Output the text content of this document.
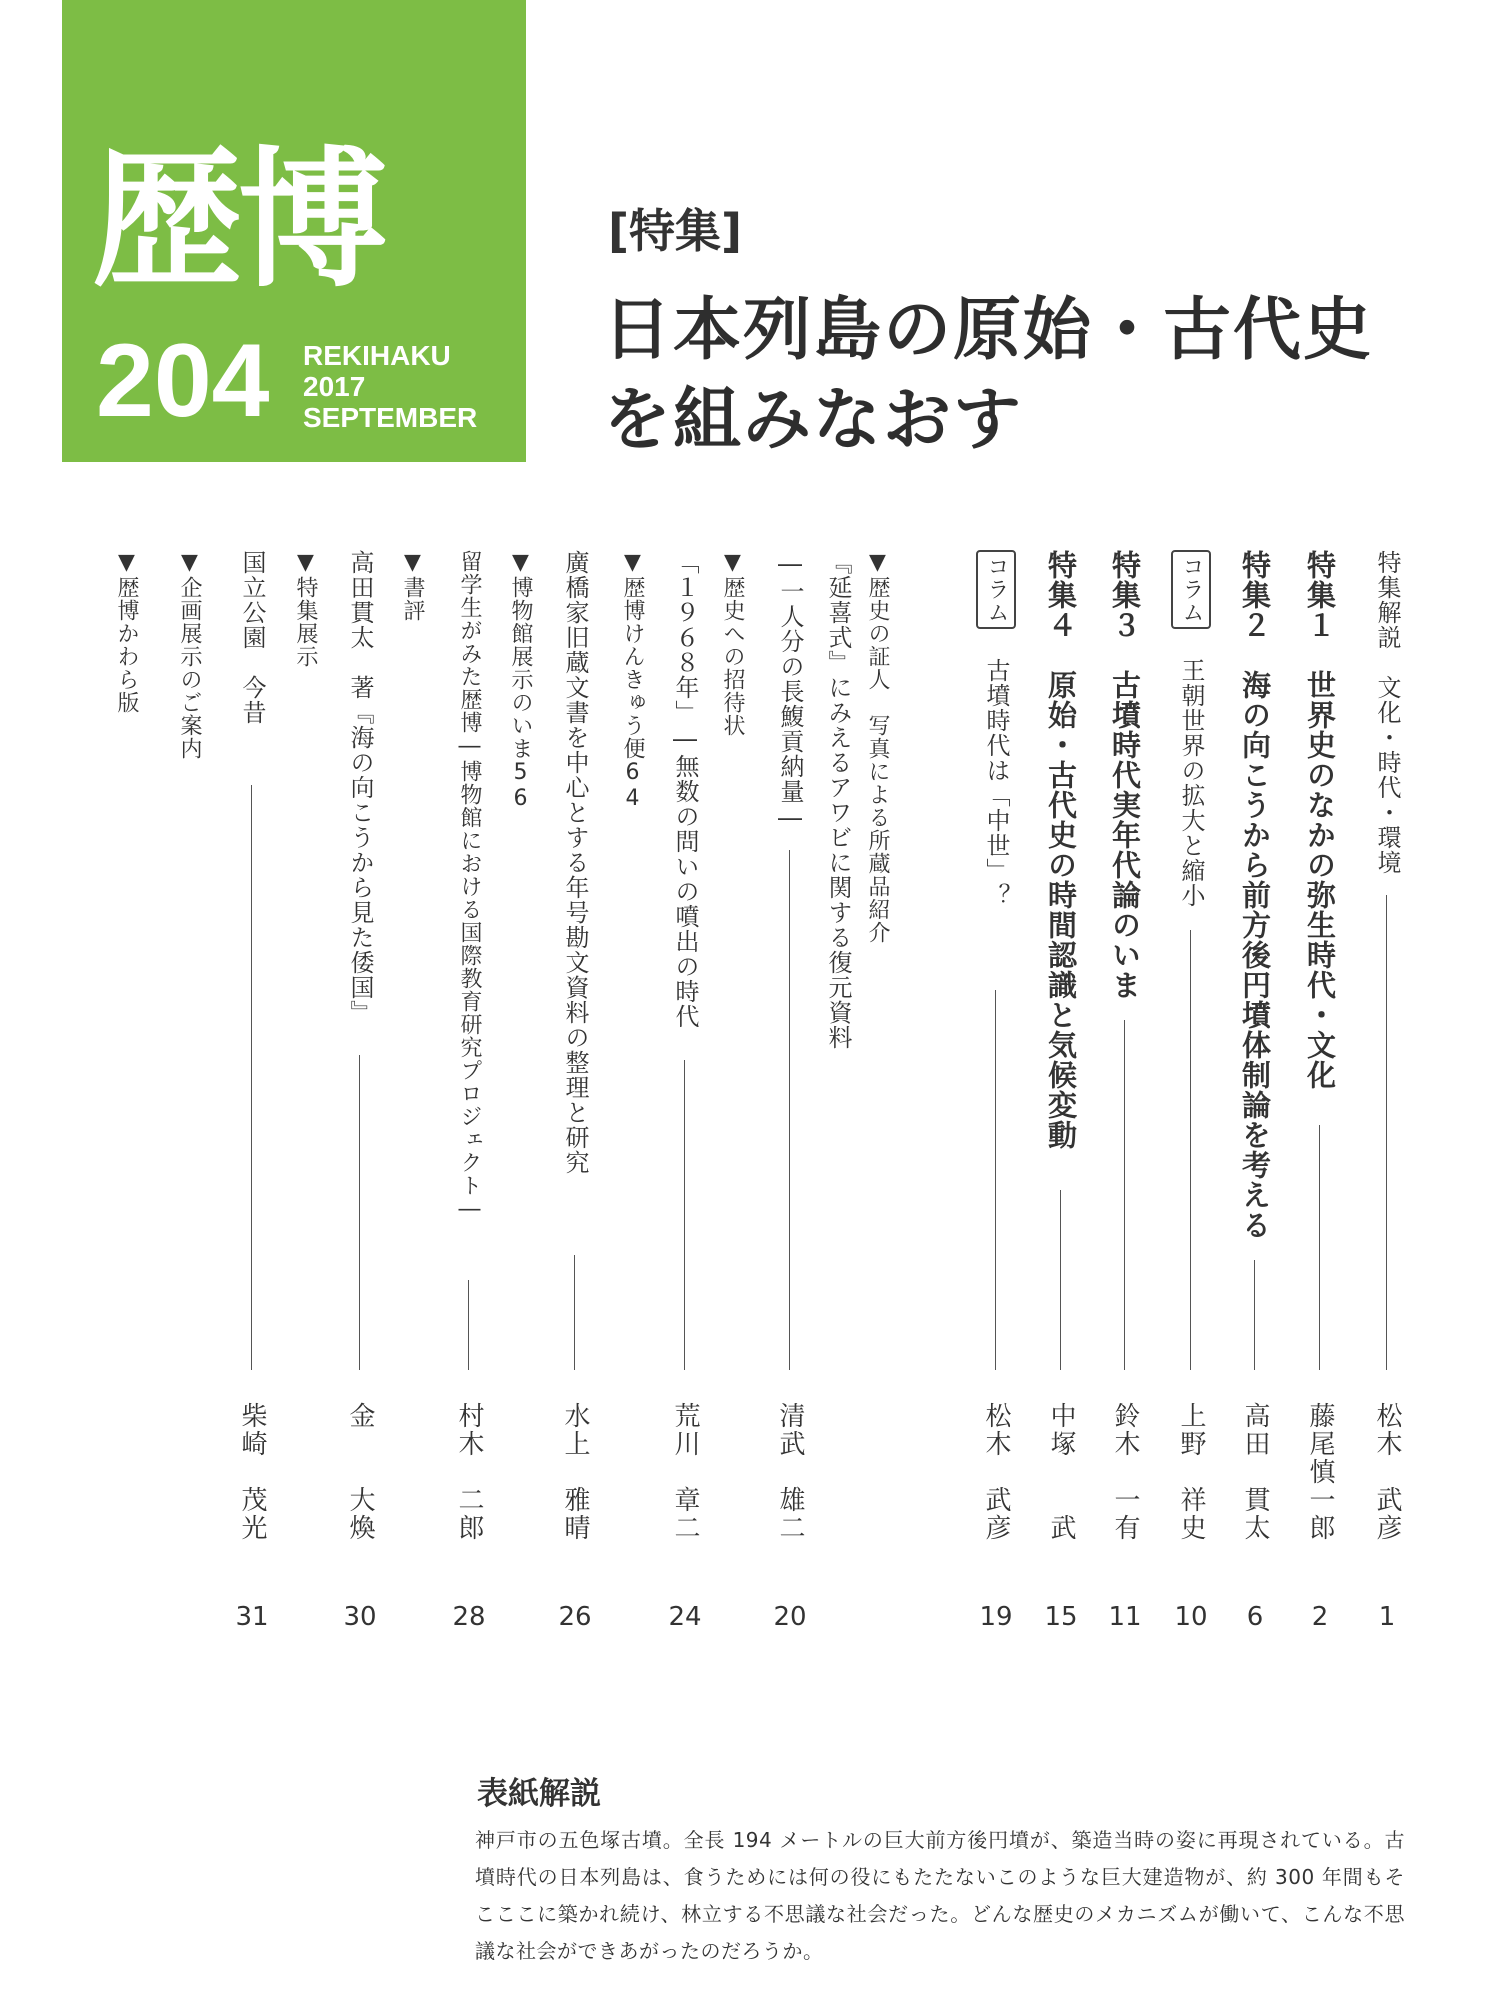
歴博
204 REKIHAKU
2017
SEPTEMBER
[特集]
日本列島の原始・古代史
を組みなおす
特集解説　文化・時代・環境
松木　武彦
1
特集１　世界史のなかの弥生時代・文化
藤尾慎一郎
2
特集２　海の向こうから前方後円墳体制論を考える
高田　貫太
6
コラム
王朝世界の拡大と縮小
上野　祥史
10
特集３　古墳時代実年代論のいま
鈴木　一有
11
特集４　原始・古代史の時間認識と気候変動
中塚　　武
15
コラム
古墳時代は「中世」？
松木　武彦
19
▼歴史の証人　写真による所蔵品紹介
『延喜式』にみえるアワビに関する復元資料
―一人分の長鰒貢納量―
清武　雄二
20
▼歴史への招待状
「１９６８年」―無数の問いの噴出の時代
荒川　章二
24
▼歴博けんきゅう便64
廣橋家旧蔵文書を中心とする年号勘文資料の整理と研究
水上　雅晴
26
▼博物館展示のいま56
留学生がみた歴博―博物館における国際教育研究プロジェクト―
村木　二郎
28
▼書評
高田貫太　著『海の向こうから見た倭国』
金　　大煥
30
▼特集展示
国立公園　今昔
柴崎　茂光
31
▼企画展示のご案内
▼歴博かわら版
表紙解説
神戸市の五色塚古墳。全長 194 メートルの巨大前方後円墳が、築造当時の姿に再現されている。古墳時代の日本列島は、食うためには何の役にもたたないこのような巨大建造物が、約 300 年間もそこここに築かれ続け、林立する不思議な社会だった。どんな歴史のメカニズムが働いて、こんな不思議な社会ができあがったのだろうか。
